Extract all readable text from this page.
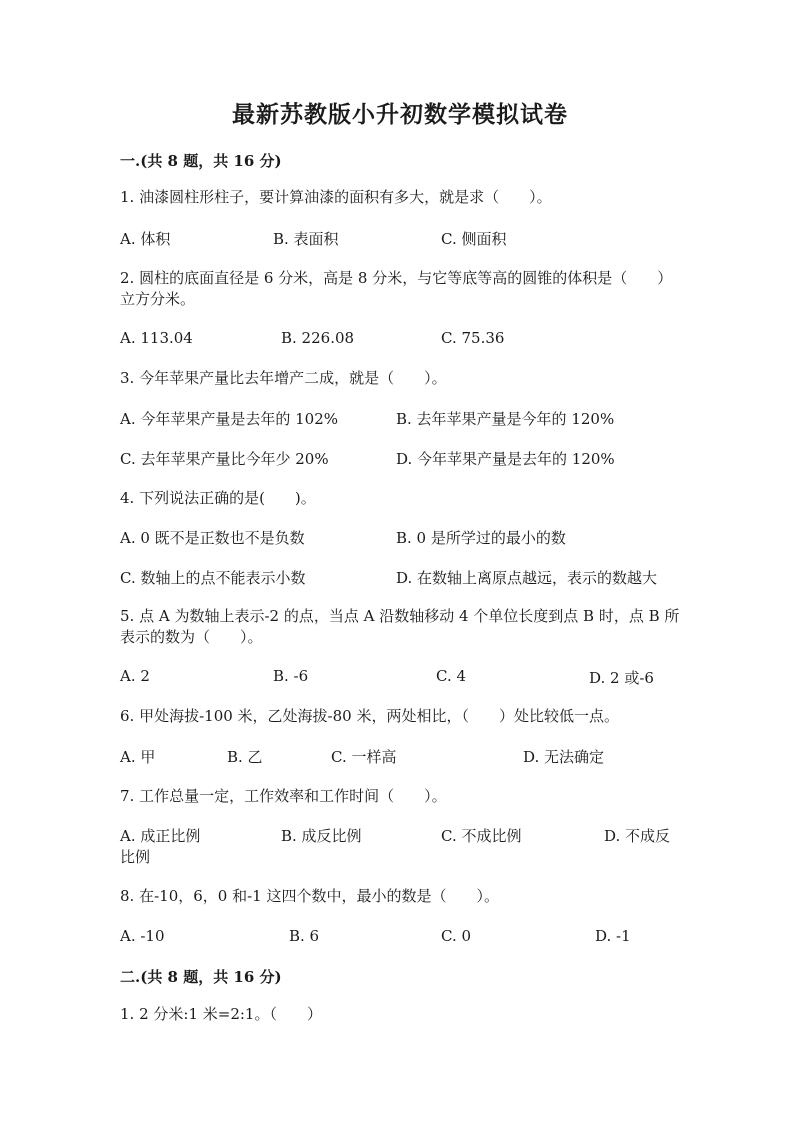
最新苏教版小升初数学模拟试卷
一.(共 8 题，共 16 分)
1. 油漆圆柱形柱子，要计算油漆的面积有多大，就是求（　　）。
A. 体积	B. 表面积	C. 侧面积
2. 圆柱的底面直径是 6 分米，高是 8 分米，与它等底等高的圆锥的体积是（　　）立方分米。
A. 113.04	B. 226.08	C. 75.36
3. 今年苹果产量比去年增产二成，就是（　　）。
A. 今年苹果产量是去年的 102%	B. 去年苹果产量是今年的 120%
C. 去年苹果产量比今年少 20%	D. 今年苹果产量是去年的 120%
4. 下列说法正确的是(　　)。
A. 0 既不是正数也不是负数	B. 0 是所学过的最小的数
C. 数轴上的点不能表示小数	D. 在数轴上离原点越远，表示的数越大
5. 点 A 为数轴上表示-2 的点，当点 A 沿数轴移动 4 个单位长度到点 B 时，点 B 所表示的数为（　　）。
A. 2	B. -6	C. 4	D. 2 或-6
6. 甲处海拔-100 米，乙处海拔-80 米，两处相比，（　　）处比较低一点。
A. 甲	B. 乙	C. 一样高	D. 无法确定
7. 工作总量一定，工作效率和工作时间（　　）。
A. 成正比例	B. 成反比例	C. 不成比例	D. 不成反
比例
8. 在-10，6，0 和-1 这四个数中，最小的数是（　　）。
A. -10	B. 6	C. 0	D. -1
二.(共 8 题，共 16 分)
1. 2 分米:1 米=2:1。（　　）
